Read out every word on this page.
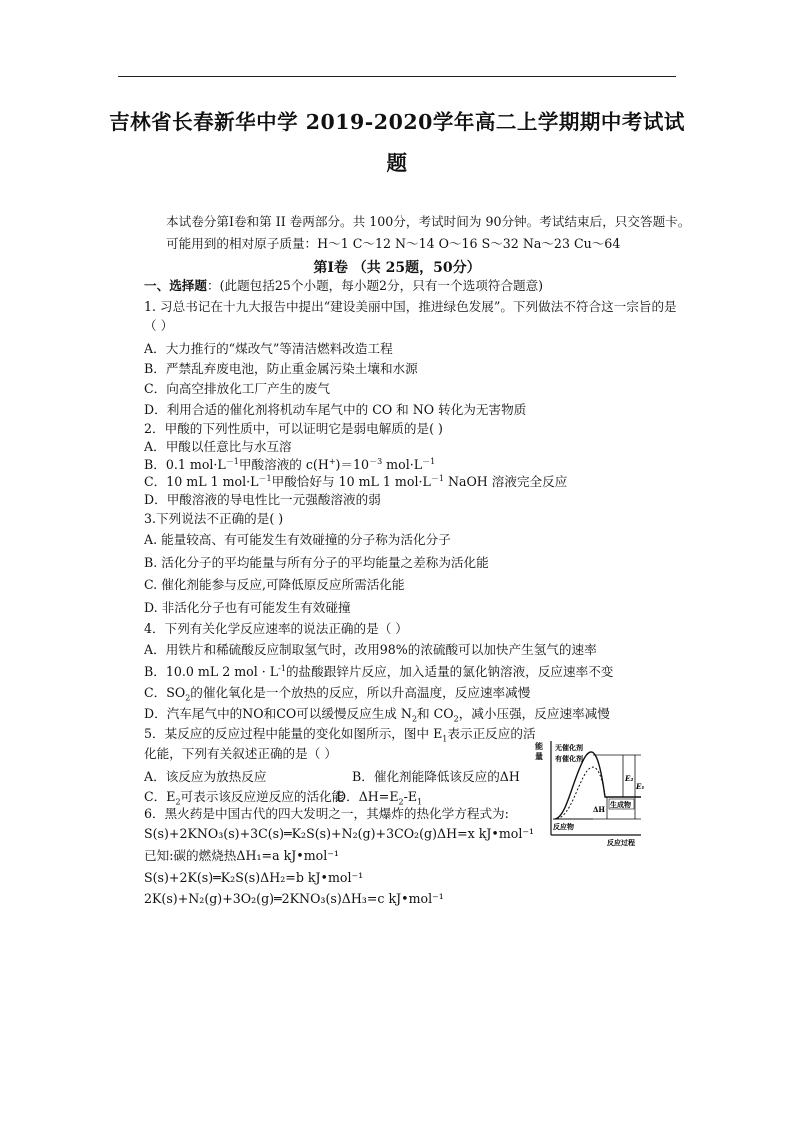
吉林省长春新华中学 2019-2020学年高二上学期期中考试试
题
本试卷分第Ⅰ卷和第 II 卷两部分。共 100分，考试时间为 90分钟。考试结束后，只交答题卡。
可能用到的相对原子质量：H～1 C～12 N～14 O～16 S～32 Na～23 Cu～64
第Ⅰ卷 （共 25题，50分）
一、选择题：(此题包括25个小题，每小题2分，只有一个选项符合题意)
1. 习总书记在十九大报告中提出“建设美丽中国，推进绿色发展”。下列做法不符合这一宗旨的是
（ ）
A．大力推行的“煤改气”等清洁燃料改造工程
B．严禁乱弃废电池，防止重金属污染土壤和水源
C．向高空排放化工厂产生的废气
D．利用合适的催化剂将机动车尾气中的 CO 和 NO 转化为无害物质
2．甲酸的下列性质中，可以证明它是弱电解质的是( )
A．甲酸以任意比与水互溶
B．0.1 $mol\cdot L^{-1}$甲酸溶液的 $c(H^+)=10^{-3}$ $mol\cdot L^{-1}$
C．10 mL 1 $mol\cdot L^{-1}$甲酸恰好与 10 mL 1 $mol\cdot L^{-1}$ NaOH 溶液完全反应
D．甲酸溶液的导电性比一元强酸溶液的弱
3.下列说法不正确的是( )
A. 能量较高、有可能发生有效碰撞的分子称为活化分子
B. 活化分子的平均能量与所有分子的平均能量之差称为活化能
C. 催化剂能参与反应,可降低原反应所需活化能
D. 非活化分子也有可能发生有效碰撞
4．下列有关化学反应速率的说法正确的是（ ）
A．用铁片和稀硫酸反应制取氢气时，改用98%的浓硫酸可以加快产生氢气的速率
B．10.0 mL 2 mol · $L^{-1}$的盐酸跟锌片反应，加入适量的氯化钠溶液，反应速率不变
C．$SO_2$的催化氧化是一个放热的反应，所以升高温度，反应速率减慢
D．汽车尾气中的NO和CO可以缓慢反应生成 $N_2$和 $CO_2$，减小压强，反应速率减慢
5．某反应的反应过程中能量的变化如图所示，图中 $E_1$表示正反应的活
化能，下列有关叙述正确的是（ ）
A．该反应为放热反应	B．催化剂能降低该反应的ΔH
C．$E_2$可表示该反应逆反应的活化能
D．$\Delta H=E_2-E_1$
能
量
无催化剂
有催化剂
E₂
E₁
ΔH
生成物
反应物
反应过程
6．黑火药是中国古代的四大发明之一，其爆炸的热化学方程式为:
S(s)+2KNO₃(s)+3C(s)═K₂S(s)+N₂(g)+3CO₂(g)ΔH=x kJ•mol⁻¹
已知:碳的燃烧热ΔH₁=a kJ•mol⁻¹
S(s)+2K(s)═K₂S(s)ΔH₂=b kJ•mol⁻¹
2K(s)+N₂(g)+3O₂(g)═2KNO₃(s)ΔH₃=c kJ•mol⁻¹
